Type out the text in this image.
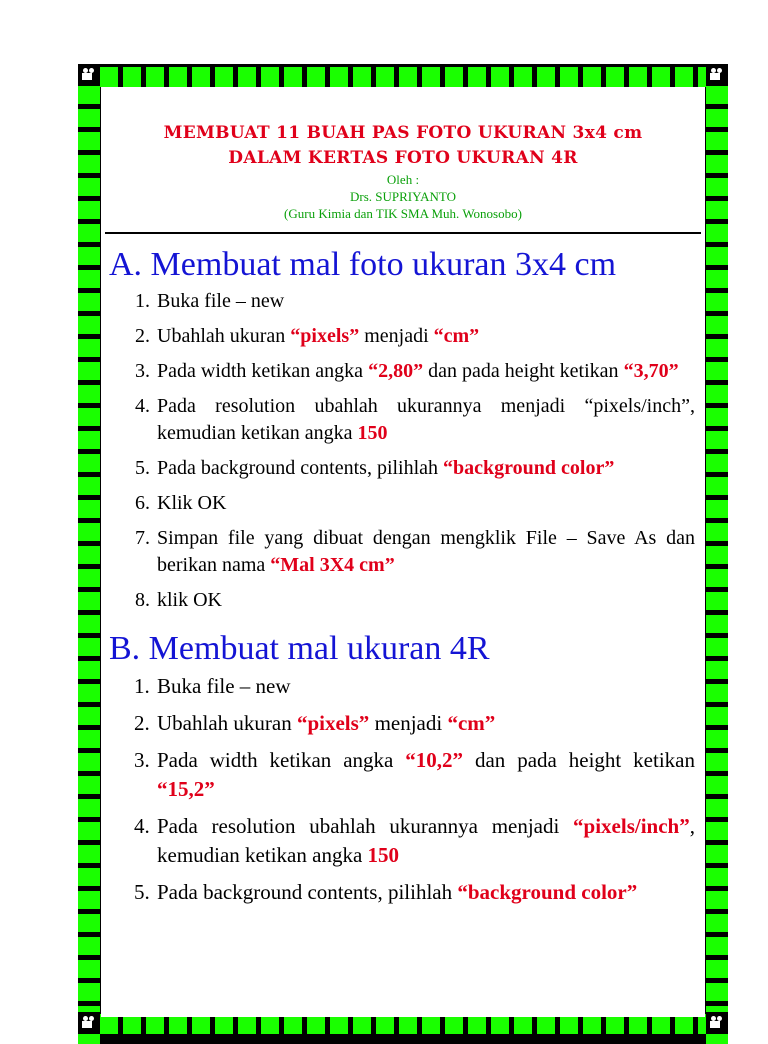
MEMBUAT 11 BUAH PAS FOTO UKURAN 3x4 cm

DALAM KERTAS FOTO UKURAN 4R

Oleh :

Drs. SUPRIYANTO

(Guru Kimia dan TIK SMA Muh. Wonosobo)

A. Membuat mal foto ukuran 3x4 cm
1. Buka file – new
2. Ubahlah ukuran “pixels” menjadi “cm”
3. Pada width ketikan angka “2,80” dan pada height ketikan “3,70”
4. Pada resolution ubahlah ukurannya menjadi “pixels/inch”, kemudian ketikan angka 150
5. Pada background contents, pilihlah “background color”
6. Klik OK
7. Simpan file yang dibuat dengan mengklik File – Save As dan berikan nama “Mal 3X4 cm”
8. klik OK
B. Membuat mal ukuran 4R
1. Buka file – new
2. Ubahlah ukuran “pixels” menjadi “cm”
3. Pada width ketikan angka “10,2” dan pada height ketikan “15,2”
4. Pada resolution ubahlah ukurannya menjadi “pixels/inch”, kemudian ketikan angka 150
5. Pada background contents, pilihlah “background color”
